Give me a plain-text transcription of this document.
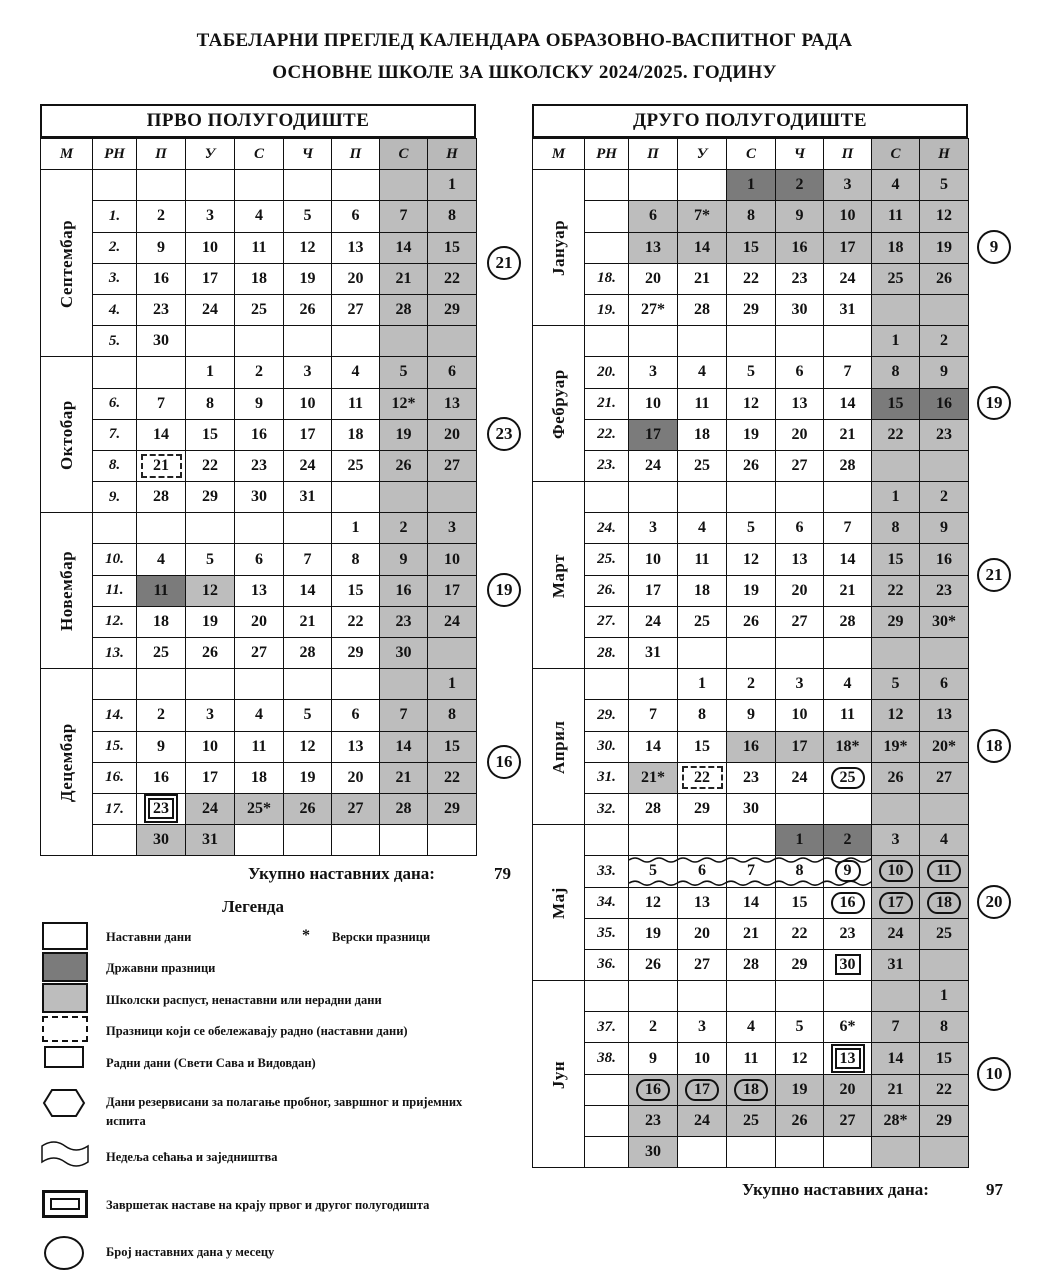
ТАБЕЛАРНИ ПРЕГЛЕД КАЛЕНДАРА ОБРАЗОВНО-ВАСПИТНОГ РАДА
ОСНОВНЕ ШКОЛЕ ЗА ШКОЛСКУ 2024/2025. ГОДИНУ
ПРВО ПОЛУГОДИШТЕ
М	РН	П	У	С	Ч	П	С	Н
Септембар								1
	1.	2	3	4	5	6	7	8
	2.	9	10	11	12	13	14	15
	3.	16	17	18	19	20	21	22
	4.	23	24	25	26	27	28	29
	5.	30						
Октобар			1	2	3	4	5	6
	6.	7	8	9	10	11	12*	13
	7.	14	15	16	17	18	19	20
	8.	21	22	23	24	25	26	27
	9.	28	29	30	31			
Новембар						1	2	3
	10.	4	5	6	7	8	9	10
	11.	11	12	13	14	15	16	17
	12.	18	19	20	21	22	23	24
	13.	25	26	27	28	29	30	
Децембар								1
	14.	2	3	4	5	6	7	8
	15.	9	10	11	12	13	14	15
	16.	16	17	18	19	20	21	22
	17.	23	24	25*	26	27	28	29
		30	31					
Укупно наставних дана:	79
ДРУГО ПОЛУГОДИШТЕ
М	РН	П	У	С	Ч	П	С	Н
Јануар				1	2	3	4	5
		6	7*	8	9	10	11	12
		13	14	15	16	17	18	19
	18.	20	21	22	23	24	25	26
	19.	27*	28	29	30	31		
Фебруар							1	2
	20.	3	4	5	6	7	8	9
	21.	10	11	12	13	14	15	16
	22.	17	18	19	20	21	22	23
	23.	24	25	26	27	28		
Март							1	2
	24.	3	4	5	6	7	8	9
	25.	10	11	12	13	14	15	16
	26.	17	18	19	20	21	22	23
	27.	24	25	26	27	28	29	30*
	28.	31						
Април			1	2	3	4	5	6
	29.	7	8	9	10	11	12	13
	30.	14	15	16	17	18*	19*	20*
	31.	21*	22	23	24	25	26	27
	32.	28	29	30				
Мај					1	2	3	4
	33.	5	6	7	8	9	10	11
	34.	12	13	14	15	16	17	18
	35.	19	20	21	22	23	24	25
	36.	26	27	28	29	30	31	
Јун								1
	37.	2	3	4	5	6*	7	8
	38.	9	10	11	12	13	14	15
		16	17	18	19	20	21	22
		23	24	25	26	27	28*	29
		30						
Укупно наставних дана:	97
21
23
19
16
9
19
21
18
20
10
Легенда
Наставни дани	* Верски празници
Државни празници
Школски распуст, ненаставни или нерадни дани
Празници који се обележавају радно (наставни дани)
Радни дани (Свети Сава и Видовдан)
Дани резервисани за полагање пробног, завршног и пријемних испита
Недеља сећања и заједништва
Завршетак наставе на крају првог и другог полугодишта
Број наставних дана у месецу
